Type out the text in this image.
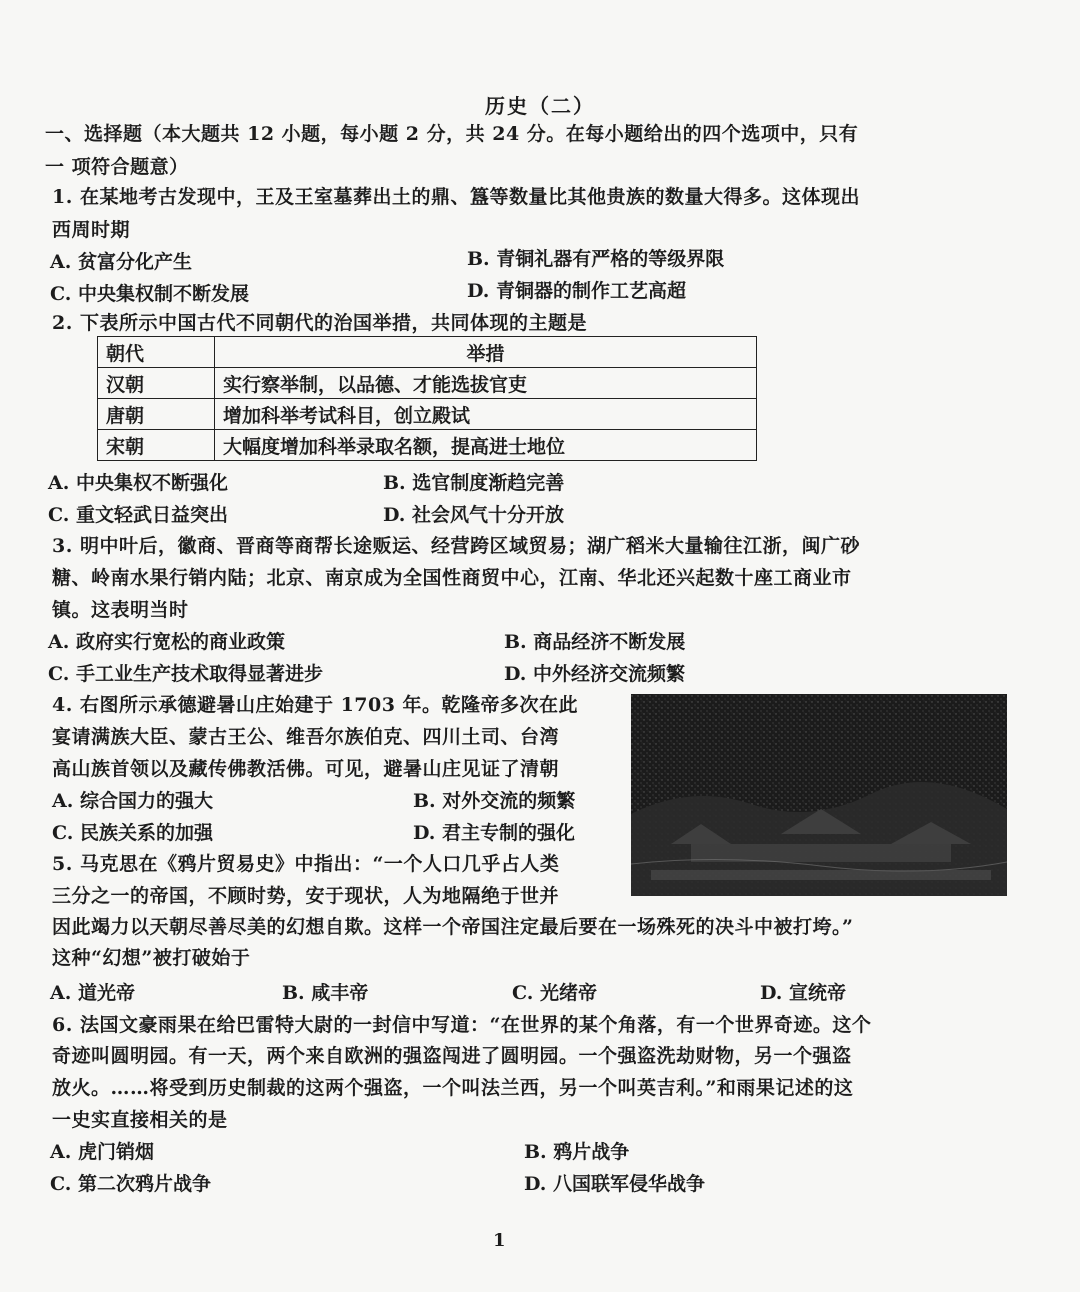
历史（二）
一、选择题（本大题共 12 小题，每小题 2 分，共 24 分。在每小题给出的四个选项中，只有
一 项符合题意）
1. 在某地考古发现中，王及王室墓葬出土的鼎、簋等数量比其他贵族的数量大得多。这体现出
西周时期
A. 贫富分化产生	B. 青铜礼器有严格的等级界限
C. 中央集权制不断发展	D. 青铜器的制作工艺高超
2. 下表所示中国古代不同朝代的治国举措，共同体现的主题是
朝代	举措
汉朝	实行察举制，以品德、才能选拔官吏
唐朝	增加科举考试科目，创立殿试
宋朝	大幅度增加科举录取名额，提高进士地位
A. 中央集权不断强化	B. 选官制度渐趋完善
C. 重文轻武日益突出	D. 社会风气十分开放
3. 明中叶后，徽商、晋商等商帮长途贩运、经营跨区域贸易；湖广稻米大量输往江浙，闽广砂
糖、岭南水果行销内陆；北京、南京成为全国性商贸中心，江南、华北还兴起数十座工商业市
镇。这表明当时
A. 政府实行宽松的商业政策	B. 商品经济不断发展
C. 手工业生产技术取得显著进步	D. 中外经济交流频繁
4. 右图所示承德避暑山庄始建于 1703 年。乾隆帝多次在此
宴请满族大臣、蒙古王公、维吾尔族伯克、四川土司、台湾
高山族首领以及藏传佛教活佛。可见，避暑山庄见证了清朝
A. 综合国力的强大	B. 对外交流的频繁
C. 民族关系的加强	D. 君主专制的强化
5. 马克思在《鸦片贸易史》中指出：“一个人口几乎占人类
三分之一的帝国，不顾时势，安于现状，人为地隔绝于世并
因此竭力以天朝尽善尽美的幻想自欺。这样一个帝国注定最后要在一场殊死的决斗中被打垮。”
这种“幻想”被打破始于
A. 道光帝	B. 咸丰帝	C. 光绪帝	D. 宣统帝
6. 法国文豪雨果在给巴雷特大尉的一封信中写道：“在世界的某个角落，有一个世界奇迹。这个
奇迹叫圆明园。有一天，两个来自欧洲的强盗闯进了圆明园。一个强盗洗劫财物，另一个强盗
放火。……将受到历史制裁的这两个强盗，一个叫法兰西，另一个叫英吉利。”和雨果记述的这
一史实直接相关的是
A. 虎门销烟	B. 鸦片战争
C. 第二次鸦片战争	D. 八国联军侵华战争
1
